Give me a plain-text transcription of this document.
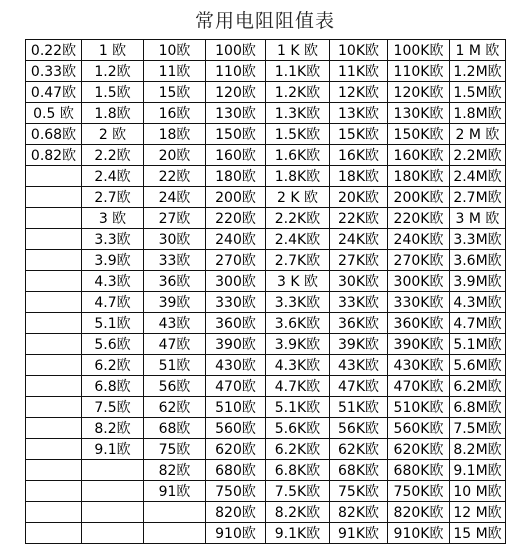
常用电阻阻值表
0.22欧	1 欧	10欧	100欧	1 K 欧	10K欧	100K欧	1 M 欧
0.33欧	1.2欧	11欧	110欧	1.1K欧	11K欧	110K欧	1.2M欧
0.47欧	1.5欧	15欧	120欧	1.2K欧	12K欧	120K欧	1.5M欧
0.5 欧	1.8欧	16欧	130欧	1.3K欧	13K欧	130K欧	1.8M欧
0.68欧	2 欧	18欧	150欧	1.5K欧	15K欧	150K欧	2 M 欧
0.82欧	2.2欧	20欧	160欧	1.6K欧	16K欧	160K欧	2.2M欧
	2.4欧	22欧	180欧	1.8K欧	18K欧	180K欧	2.4M欧
	2.7欧	24欧	200欧	2 K 欧	20K欧	200K欧	2.7M欧
	3 欧	27欧	220欧	2.2K欧	22K欧	220K欧	3 M 欧
	3.3欧	30欧	240欧	2.4K欧	24K欧	240K欧	3.3M欧
	3.9欧	33欧	270欧	2.7K欧	27K欧	270K欧	3.6M欧
	4.3欧	36欧	300欧	3 K 欧	30K欧	300K欧	3.9M欧
	4.7欧	39欧	330欧	3.3K欧	33K欧	330K欧	4.3M欧
	5.1欧	43欧	360欧	3.6K欧	36K欧	360K欧	4.7M欧
	5.6欧	47欧	390欧	3.9K欧	39K欧	390K欧	5.1M欧
	6.2欧	51欧	430欧	4.3K欧	43K欧	430K欧	5.6M欧
	6.8欧	56欧	470欧	4.7K欧	47K欧	470K欧	6.2M欧
	7.5欧	62欧	510欧	5.1K欧	51K欧	510K欧	6.8M欧
	8.2欧	68欧	560欧	5.6K欧	56K欧	560K欧	7.5M欧
	9.1欧	75欧	620欧	6.2K欧	62K欧	620K欧	8.2M欧
		82欧	680欧	6.8K欧	68K欧	680K欧	9.1M欧
		91欧	750欧	7.5K欧	75K欧	750K欧	10 M欧
			820欧	8.2K欧	82K欧	820K欧	12 M欧
			910欧	9.1K欧	91K欧	910K欧	15 M欧
